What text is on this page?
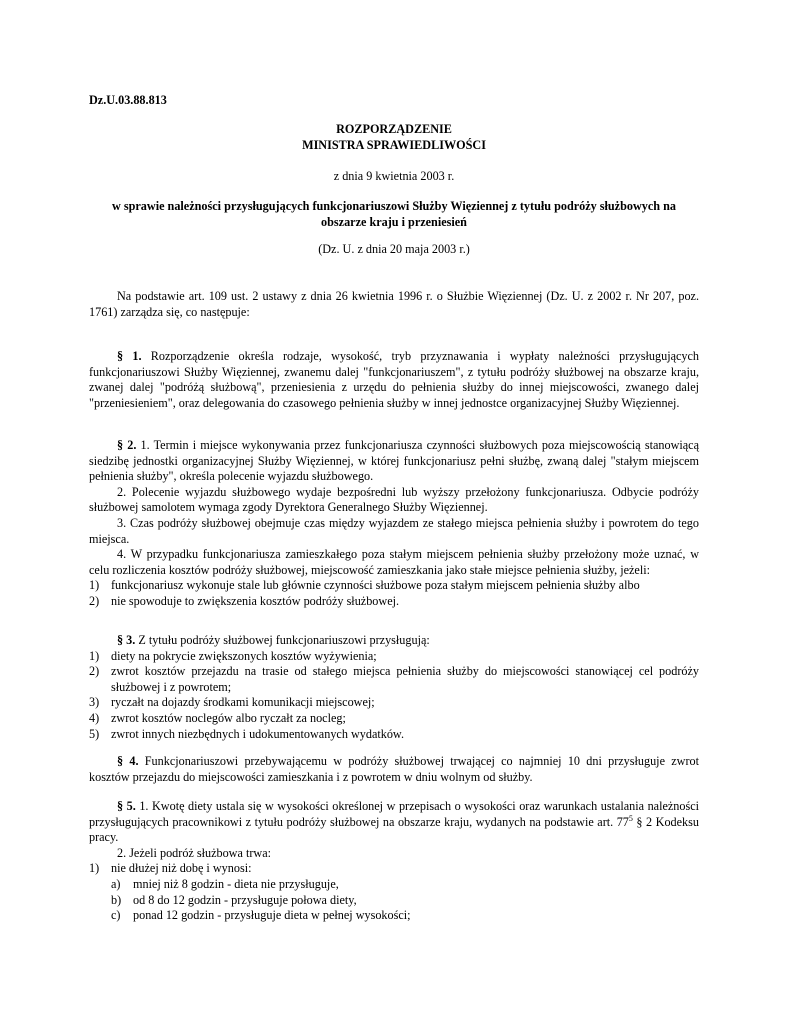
Dz.U.03.88.813
ROZPORZĄDZENIE
MINISTRA SPRAWIEDLIWOŚCI
z dnia 9 kwietnia 2003 r.
w sprawie należności przysługujących funkcjonariuszowi Służby Więziennej z tytułu podróży służbowych na
obszarze kraju i przeniesień
(Dz. U. z dnia 20 maja 2003 r.)

Na podstawie art. 109 ust. 2 ustawy z dnia 26 kwietnia 1996 r. o Służbie Więziennej (Dz. U. z 2002 r. Nr 207, poz. 1761) zarządza się, co następuje:

§ 1. Rozporządzenie określa rodzaje, wysokość, tryb przyznawania i wypłaty należności przysługujących funkcjonariuszowi Służby Więziennej, zwanemu dalej "funkcjonariuszem", z tytułu podróży służbowej na obszarze kraju, zwanej dalej "podróżą służbową", przeniesienia z urzędu do pełnienia służby do innej miejscowości, zwanego dalej "przeniesieniem", oraz delegowania do czasowego pełnienia służby w innej jednostce organizacyjnej Służby Więziennej.

§ 2. 1. Termin i miejsce wykonywania przez funkcjonariusza czynności służbowych poza miejscowością stanowiącą siedzibę jednostki organizacyjnej Służby Więziennej, w której funkcjonariusz pełni służbę, zwaną dalej "stałym miejscem pełnienia służby", określa polecenie wyjazdu służbowego.

2. Polecenie wyjazdu służbowego wydaje bezpośredni lub wyższy przełożony funkcjonariusza. Odbycie podróży służbowej samolotem wymaga zgody Dyrektora Generalnego Służby Więziennej.

3. Czas podróży służbowej obejmuje czas między wyjazdem ze stałego miejsca pełnienia służby i powrotem do tego miejsca.

4. W przypadku funkcjonariusza zamieszkałego poza stałym miejscem pełnienia służby przełożony może uznać, w celu rozliczenia kosztów podróży służbowej, miejscowość zamieszkania jako stałe miejsce pełnienia służby, jeżeli:

1) funkcjonariusz wykonuje stale lub głównie czynności służbowe poza stałym miejscem pełnienia służby albo
2) nie spowoduje to zwiększenia kosztów podróży służbowej.

§ 3. Z tytułu podróży służbowej funkcjonariuszowi przysługują:

1) diety na pokrycie zwiększonych kosztów wyżywienia;
2) zwrot kosztów przejazdu na trasie od stałego miejsca pełnienia służby do miejscowości stanowiącej cel podróży służbowej i z powrotem;
3) ryczałt na dojazdy środkami komunikacji miejscowej;
4) zwrot kosztów noclegów albo ryczałt za nocleg;
5) zwrot innych niezbędnych i udokumentowanych wydatków.

§ 4. Funkcjonariuszowi przebywającemu w podróży służbowej trwającej co najmniej 10 dni przysługuje zwrot kosztów przejazdu do miejscowości zamieszkania i z powrotem w dniu wolnym od służby.

§ 5. 1. Kwotę diety ustala się w wysokości określonej w przepisach o wysokości oraz warunkach ustalania należności przysługujących pracownikowi z tytułu podróży służbowej na obszarze kraju, wydanych na podstawie art. $77^5$ § 2 Kodeksu pracy.

2. Jeżeli podróż służbowa trwa:

1) nie dłużej niż dobę i wynosi:
a) mniej niż 8 godzin - dieta nie przysługuje,
b) od 8 do 12 godzin - przysługuje połowa diety,
c) ponad 12 godzin - przysługuje dieta w pełnej wysokości;
